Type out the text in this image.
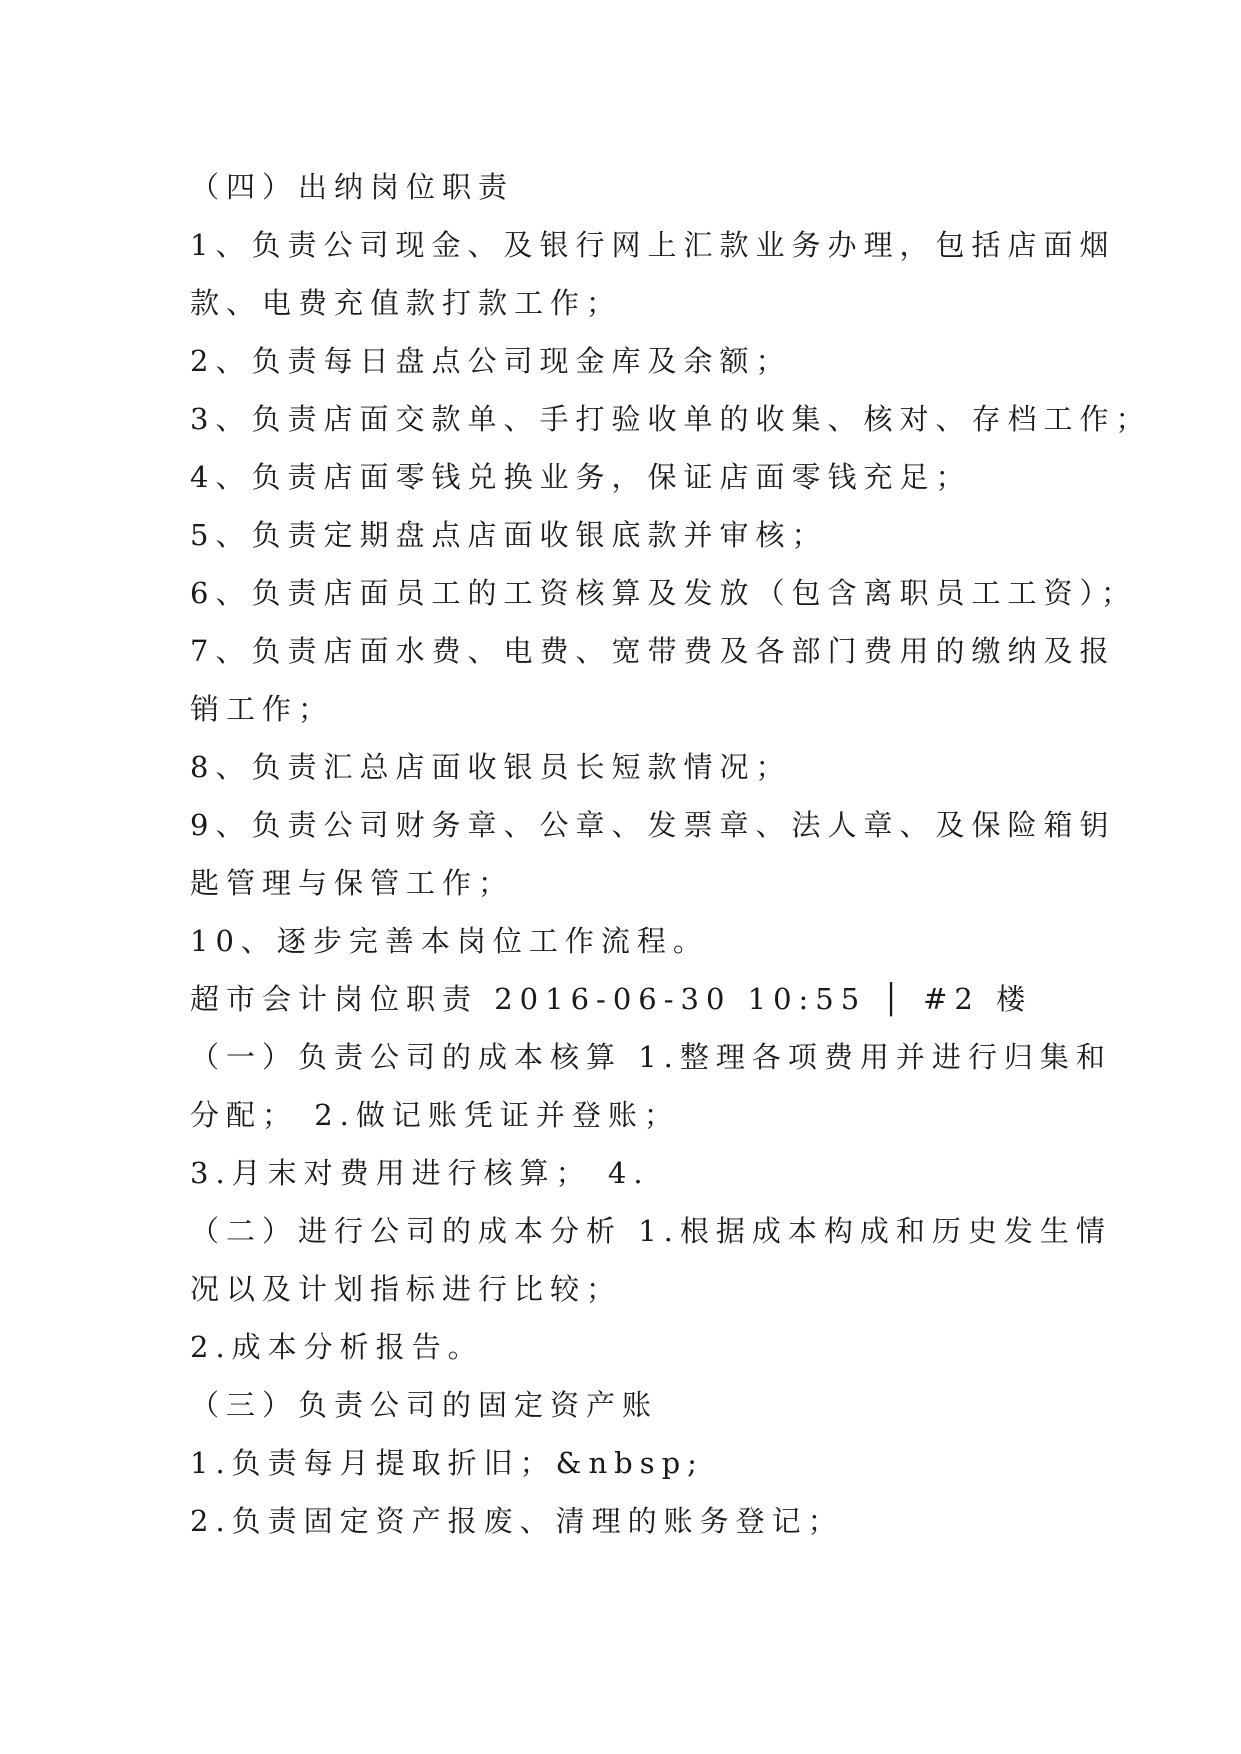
（四）出纳岗位职责
1、负责公司现金、及银行网上汇款业务办理，包括店面烟
款、电费充值款打款工作；
2、负责每日盘点公司现金库及余额；
3、负责店面交款单、手打验收单的收集、核对、存档工作；
4、负责店面零钱兑换业务，保证店面零钱充足；
5、负责定期盘点店面收银底款并审核；
6、负责店面员工的工资核算及发放（包含离职员工工资）；
7、负责店面水费、电费、宽带费及各部门费用的缴纳及报
销工作；
8、负责汇总店面收银员长短款情况；
9、负责公司财务章、公章、发票章、法人章、及保险箱钥
匙管理与保管工作；
10、逐步完善本岗位工作流程。
超市会计岗位职责 2016-06-30 10:55 │ #2 楼
（一）负责公司的成本核算 1.整理各项费用并进行归集和
分配； 2.做记账凭证并登账；
3.月末对费用进行核算； 4.
（二）进行公司的成本分析 1.根据成本构成和历史发生情
况以及计划指标进行比较；
2.成本分析报告。
（三）负责公司的固定资产账
1.负责每月提取折旧；&nbsp;
2.负责固定资产报废、清理的账务登记；
